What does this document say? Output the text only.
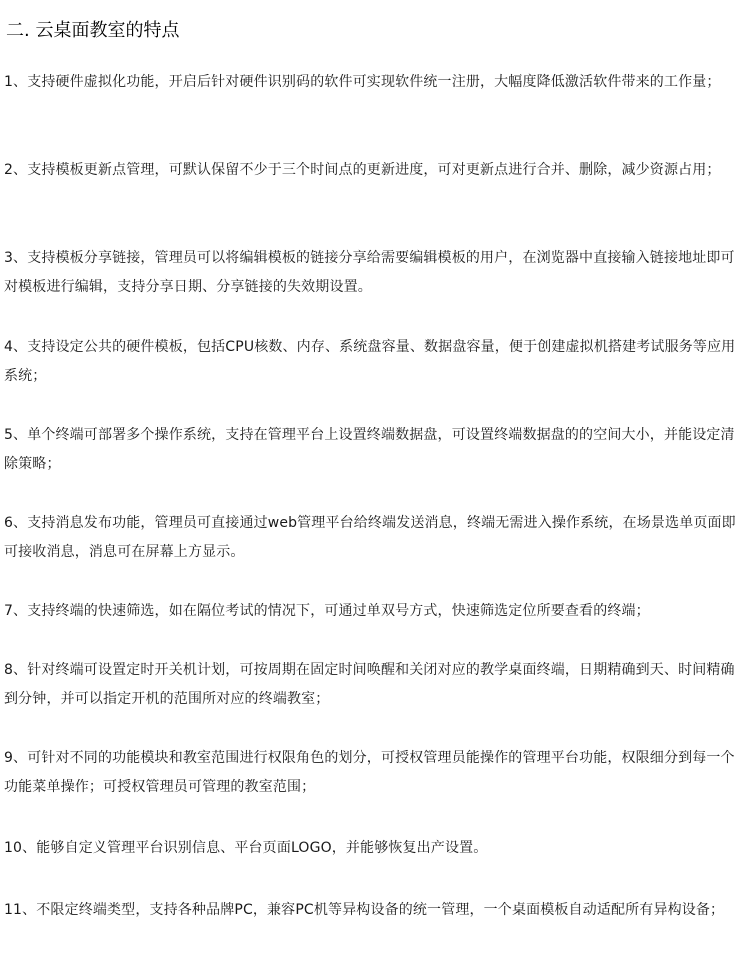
二. 云桌面教室的特点

1、支持硬件虚拟化功能，开启后针对硬件识别码的软件可实现软件统一注册，大幅度降低激活软件带来的工作量；

2、支持模板更新点管理，可默认保留不少于三个时间点的更新进度，可对更新点进行合并、删除，减少资源占用；

3、支持模板分享链接，管理员可以将编辑模板的链接分享给需要编辑模板的用户，在浏览器中直接输入链接地址即可对模板进行编辑，支持分享日期、分享链接的失效期设置。

4、支持设定公共的硬件模板，包括CPU核数、内存、系统盘容量、数据盘容量，便于创建虚拟机搭建考试服务等应用系统；

5、单个终端可部署多个操作系统，支持在管理平台上设置终端数据盘，可设置终端数据盘的的空间大小，并能设定清除策略；

6、支持消息发布功能，管理员可直接通过web管理平台给终端发送消息，终端无需进入操作系统，在场景选单页面即可接收消息，消息可在屏幕上方显示。

7、支持终端的快速筛选，如在隔位考试的情况下，可通过单双号方式，快速筛选定位所要查看的终端；

8、针对终端可设置定时开关机计划，可按周期在固定时间唤醒和关闭对应的教学桌面终端，日期精确到天、时间精确到分钟，并可以指定开机的范围所对应的终端教室；

9、可针对不同的功能模块和教室范围进行权限角色的划分，可授权管理员能操作的管理平台功能，权限细分到每一个功能菜单操作；可授权管理员可管理的教室范围；

10、能够自定义管理平台识别信息、平台页面LOGO，并能够恢复出产设置。

11、不限定终端类型，支持各种品牌PC，兼容PC机等异构设备的统一管理，一个桌面模板自动适配所有异构设备；
